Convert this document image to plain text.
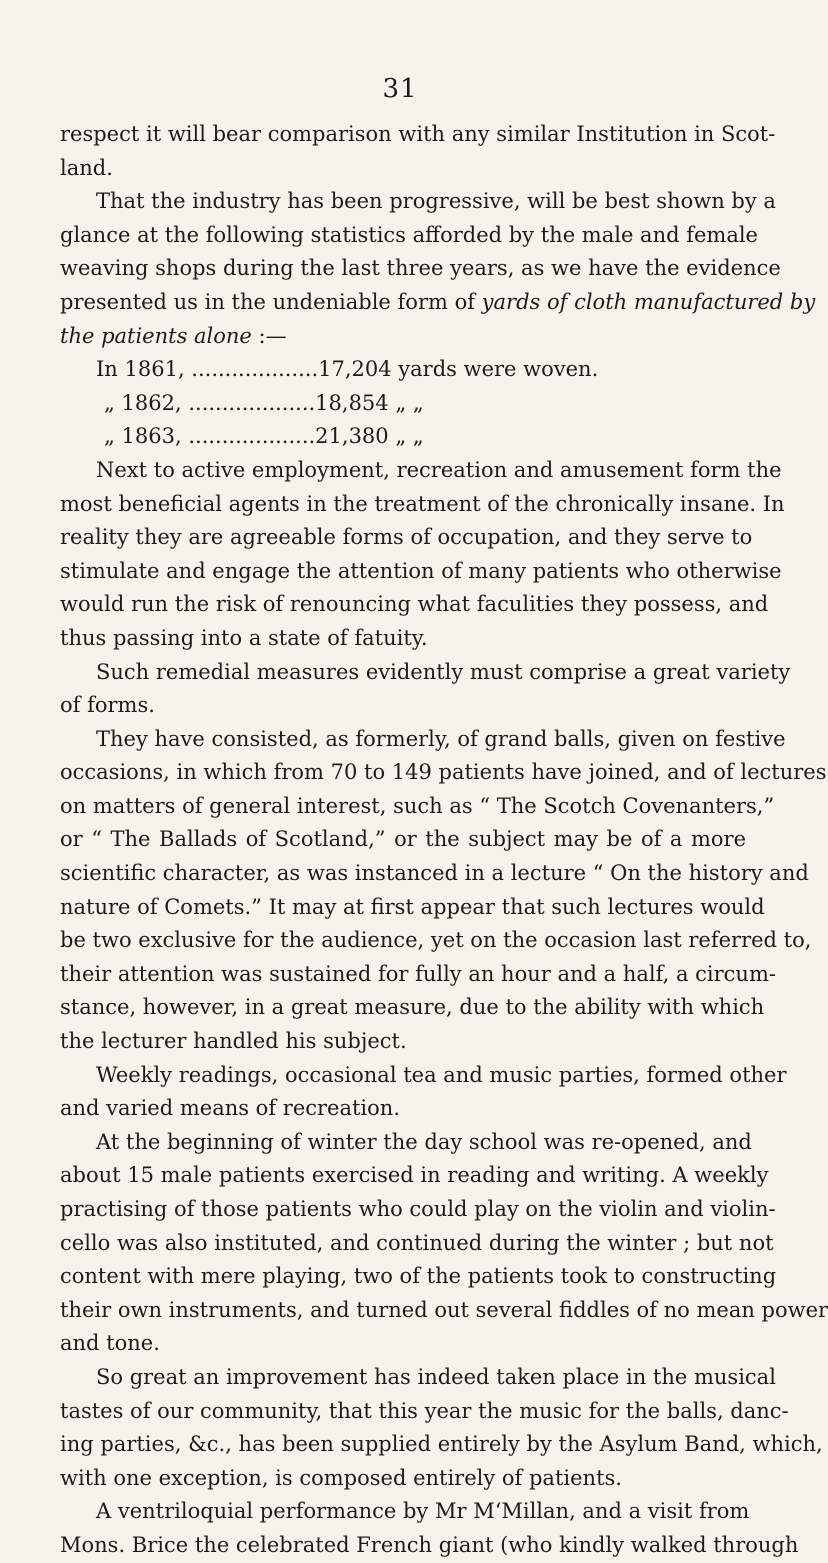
31
respect it will bear comparison with any similar Institution in Scot-
land.
That the industry has been progressive, will be best shown by a
glance at the following statistics afforded by the male and female
weaving shops during the last three years, as we have the evidence
presented us in the undeniable form of yards of cloth manufactured by
the patients alone :—
In 1861, ...................17,204 yards were woven.
„ 1862, ...................18,854 „ „
„ 1863, ...................21,380 „ „
Next to active employment, recreation and amusement form the
most beneficial agents in the treatment of the chronically insane. In
reality they are agreeable forms of occupation, and they serve to
stimulate and engage the attention of many patients who otherwise
would run the risk of renouncing what faculities they possess, and
thus passing into a state of fatuity.
Such remedial measures evidently must comprise a great variety
of forms.
They have consisted, as formerly, of grand balls, given on festive
occasions, in which from 70 to 149 patients have joined, and of lectures
on matters of general interest, such as “ The Scotch Covenanters,”
or “ The Ballads of Scotland,” or the subject may be of a more
scientific character, as was instanced in a lecture “ On the history and
nature of Comets.” It may at first appear that such lectures would
be two exclusive for the audience, yet on the occasion last referred to,
their attention was sustained for fully an hour and a half, a circum-
stance, however, in a great measure, due to the ability with which
the lecturer handled his subject.
Weekly readings, occasional tea and music parties, formed other
and varied means of recreation.
At the beginning of winter the day school was re-opened, and
about 15 male patients exercised in reading and writing. A weekly
practising of those patients who could play on the violin and violin-
cello was also instituted, and continued during the winter ; but not
content with mere playing, two of the patients took to constructing
their own instruments, and turned out several fiddles of no mean power
and tone.
So great an improvement has indeed taken place in the musical
tastes of our community, that this year the music for the balls, danc-
ing parties, &c., has been supplied entirely by the Asylum Band, which,
with one exception, is composed entirely of patients.
A ventriloquial performance by Mr M‘Millan, and a visit from
Mons. Brice the celebrated French giant (who kindly walked through
